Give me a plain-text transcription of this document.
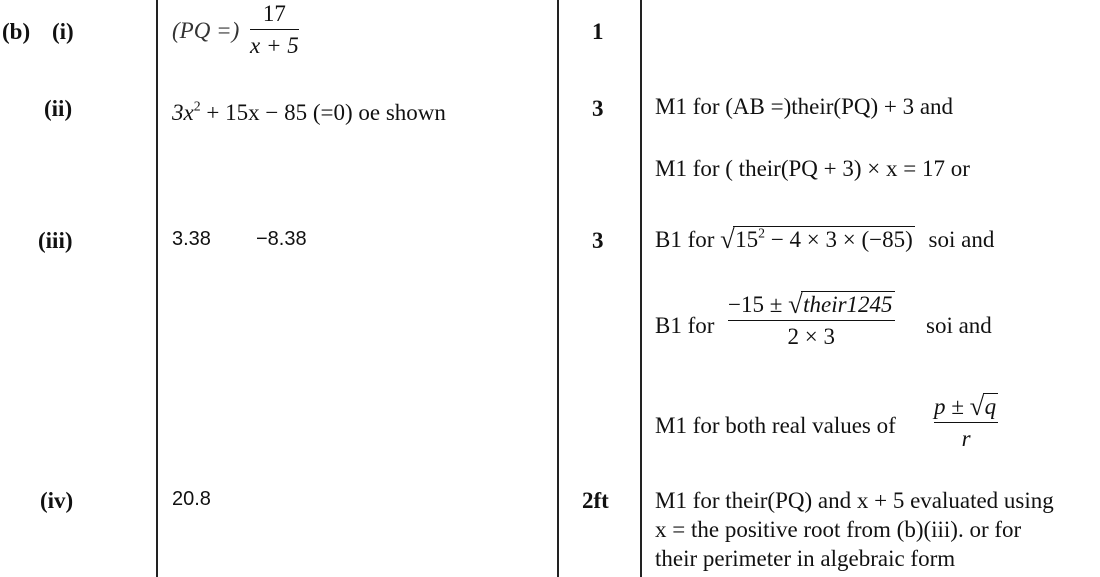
(b) (i)
(ii)
(iii)
(iv)
(PQ =)
17
x + 5
$3x^2 + 15x - 85$ (=0) oe shown
3.38 −8.38
20.8
1
3
3
2ft
M1 for (AB =)their(PQ) + 3 and
M1 for ( their(PQ + 3) × x = 17 or
B1 for √ $15^2 - 4 \times 3 \times (-85)$ soi and
B1 for
−15 ± √ their1245
2 × 3	soi and
M1 for both real values of
p ± √ q
r
M1 for their(PQ) and x + 5 evaluated using
x = the positive root from (b)(iii). or for
their perimeter in algebraic form
